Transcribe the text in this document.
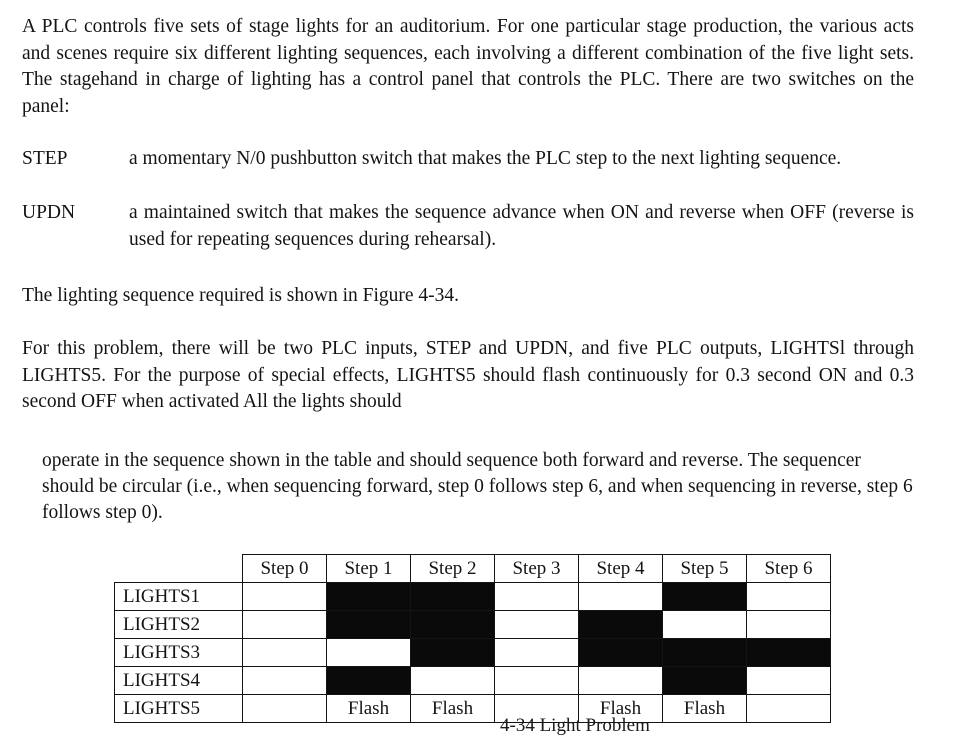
A PLC controls five sets of stage lights for an auditorium. For one particular stage production, the various acts and scenes require six different lighting sequences, each involving a different combination of the five light sets. The stagehand in charge of lighting has a control panel that controls the PLC. There are two switches on the panel:

STEP	a momentary N/0 pushbutton switch that makes the PLC step to the next lighting sequence.
UPDN	a maintained switch that makes the sequence advance when ON and reverse when OFF (reverse is used for repeating sequences during rehearsal).

The lighting sequence required is shown in Figure 4-34.

For this problem, there will be two PLC inputs, STEP and UPDN, and five PLC outputs, LIGHTSl through LIGHTS5. For the purpose of special effects, LIGHTS5 should flash continuously for 0.3 second ON and 0.3 second OFF when activated All the lights should

operate in the sequence shown in the table and should sequence both forward and reverse. The sequencer should be circular (i.e., when sequencing forward, step 0 follows step 6, and when sequencing in reverse, step 6 follows step 0).

	Step 0	Step 1	Step 2	Step 3	Step 4	Step 5	Step 6
LIGHTS1							
LIGHTS2							
LIGHTS3							
LIGHTS4							
LIGHTS5		Flash	Flash		Flash	Flash	
4-34 Light Problem
